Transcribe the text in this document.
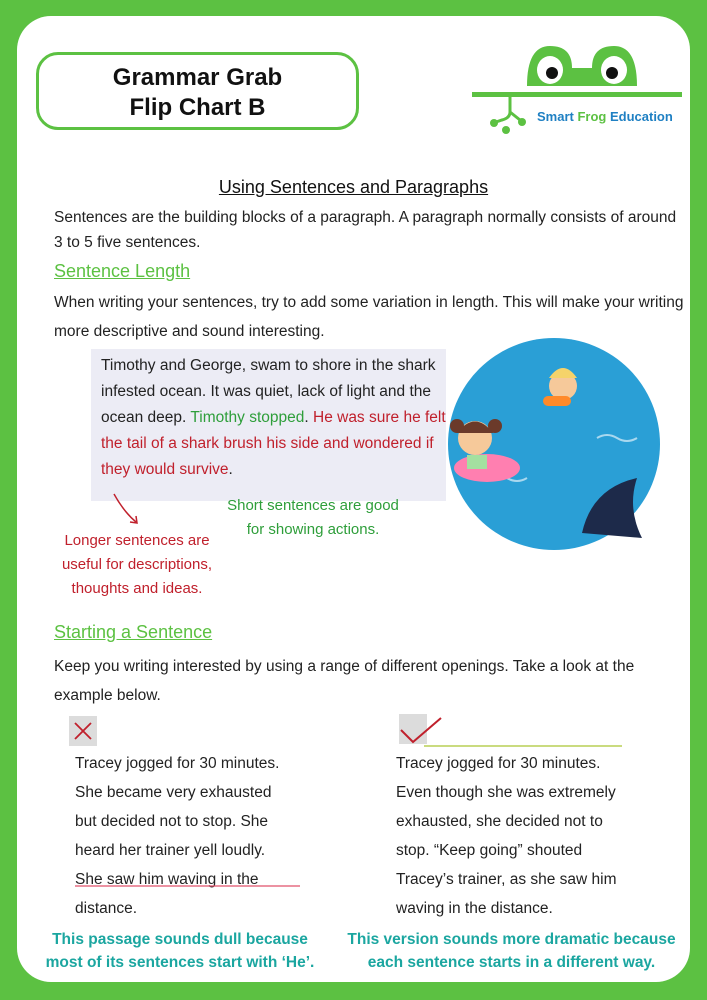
Grammar Grab
Flip Chart B	Smart Frog Education
Using Sentences and Paragraphs
Sentences are the building blocks of a paragraph. A paragraph normally consists of around 3 to 5 five sentences.
Sentence Length
When writing your sentences, try to add some variation in length. This will make your writing more descriptive and sound interesting.
Timothy and George, swam to shore in the shark infested ocean. It was quiet, lack of light and the ocean deep. Timothy stopped. He was sure he felt the tail of a shark brush his side and wondered if they would survive.
Short sentences are good
for showing actions.
Longer sentences are
useful for descriptions,
thoughts and ideas.
Starting a Sentence
Keep you writing interested by using a range of different openings. Take a look at the example below.
Tracey jogged for 30 minutes.
She became very exhausted
but decided not to stop. She
heard her trainer yell loudly.
She saw him waving in the
distance.
Tracey jogged for 30 minutes.
Even though she was extremely
exhausted, she decided not to
stop. “Keep going” shouted
Tracey’s trainer, as she saw him
waving in the distance.
This passage sounds dull because
most of its sentences start with ‘He’.
This version sounds more dramatic because
each sentence starts in a different way.
